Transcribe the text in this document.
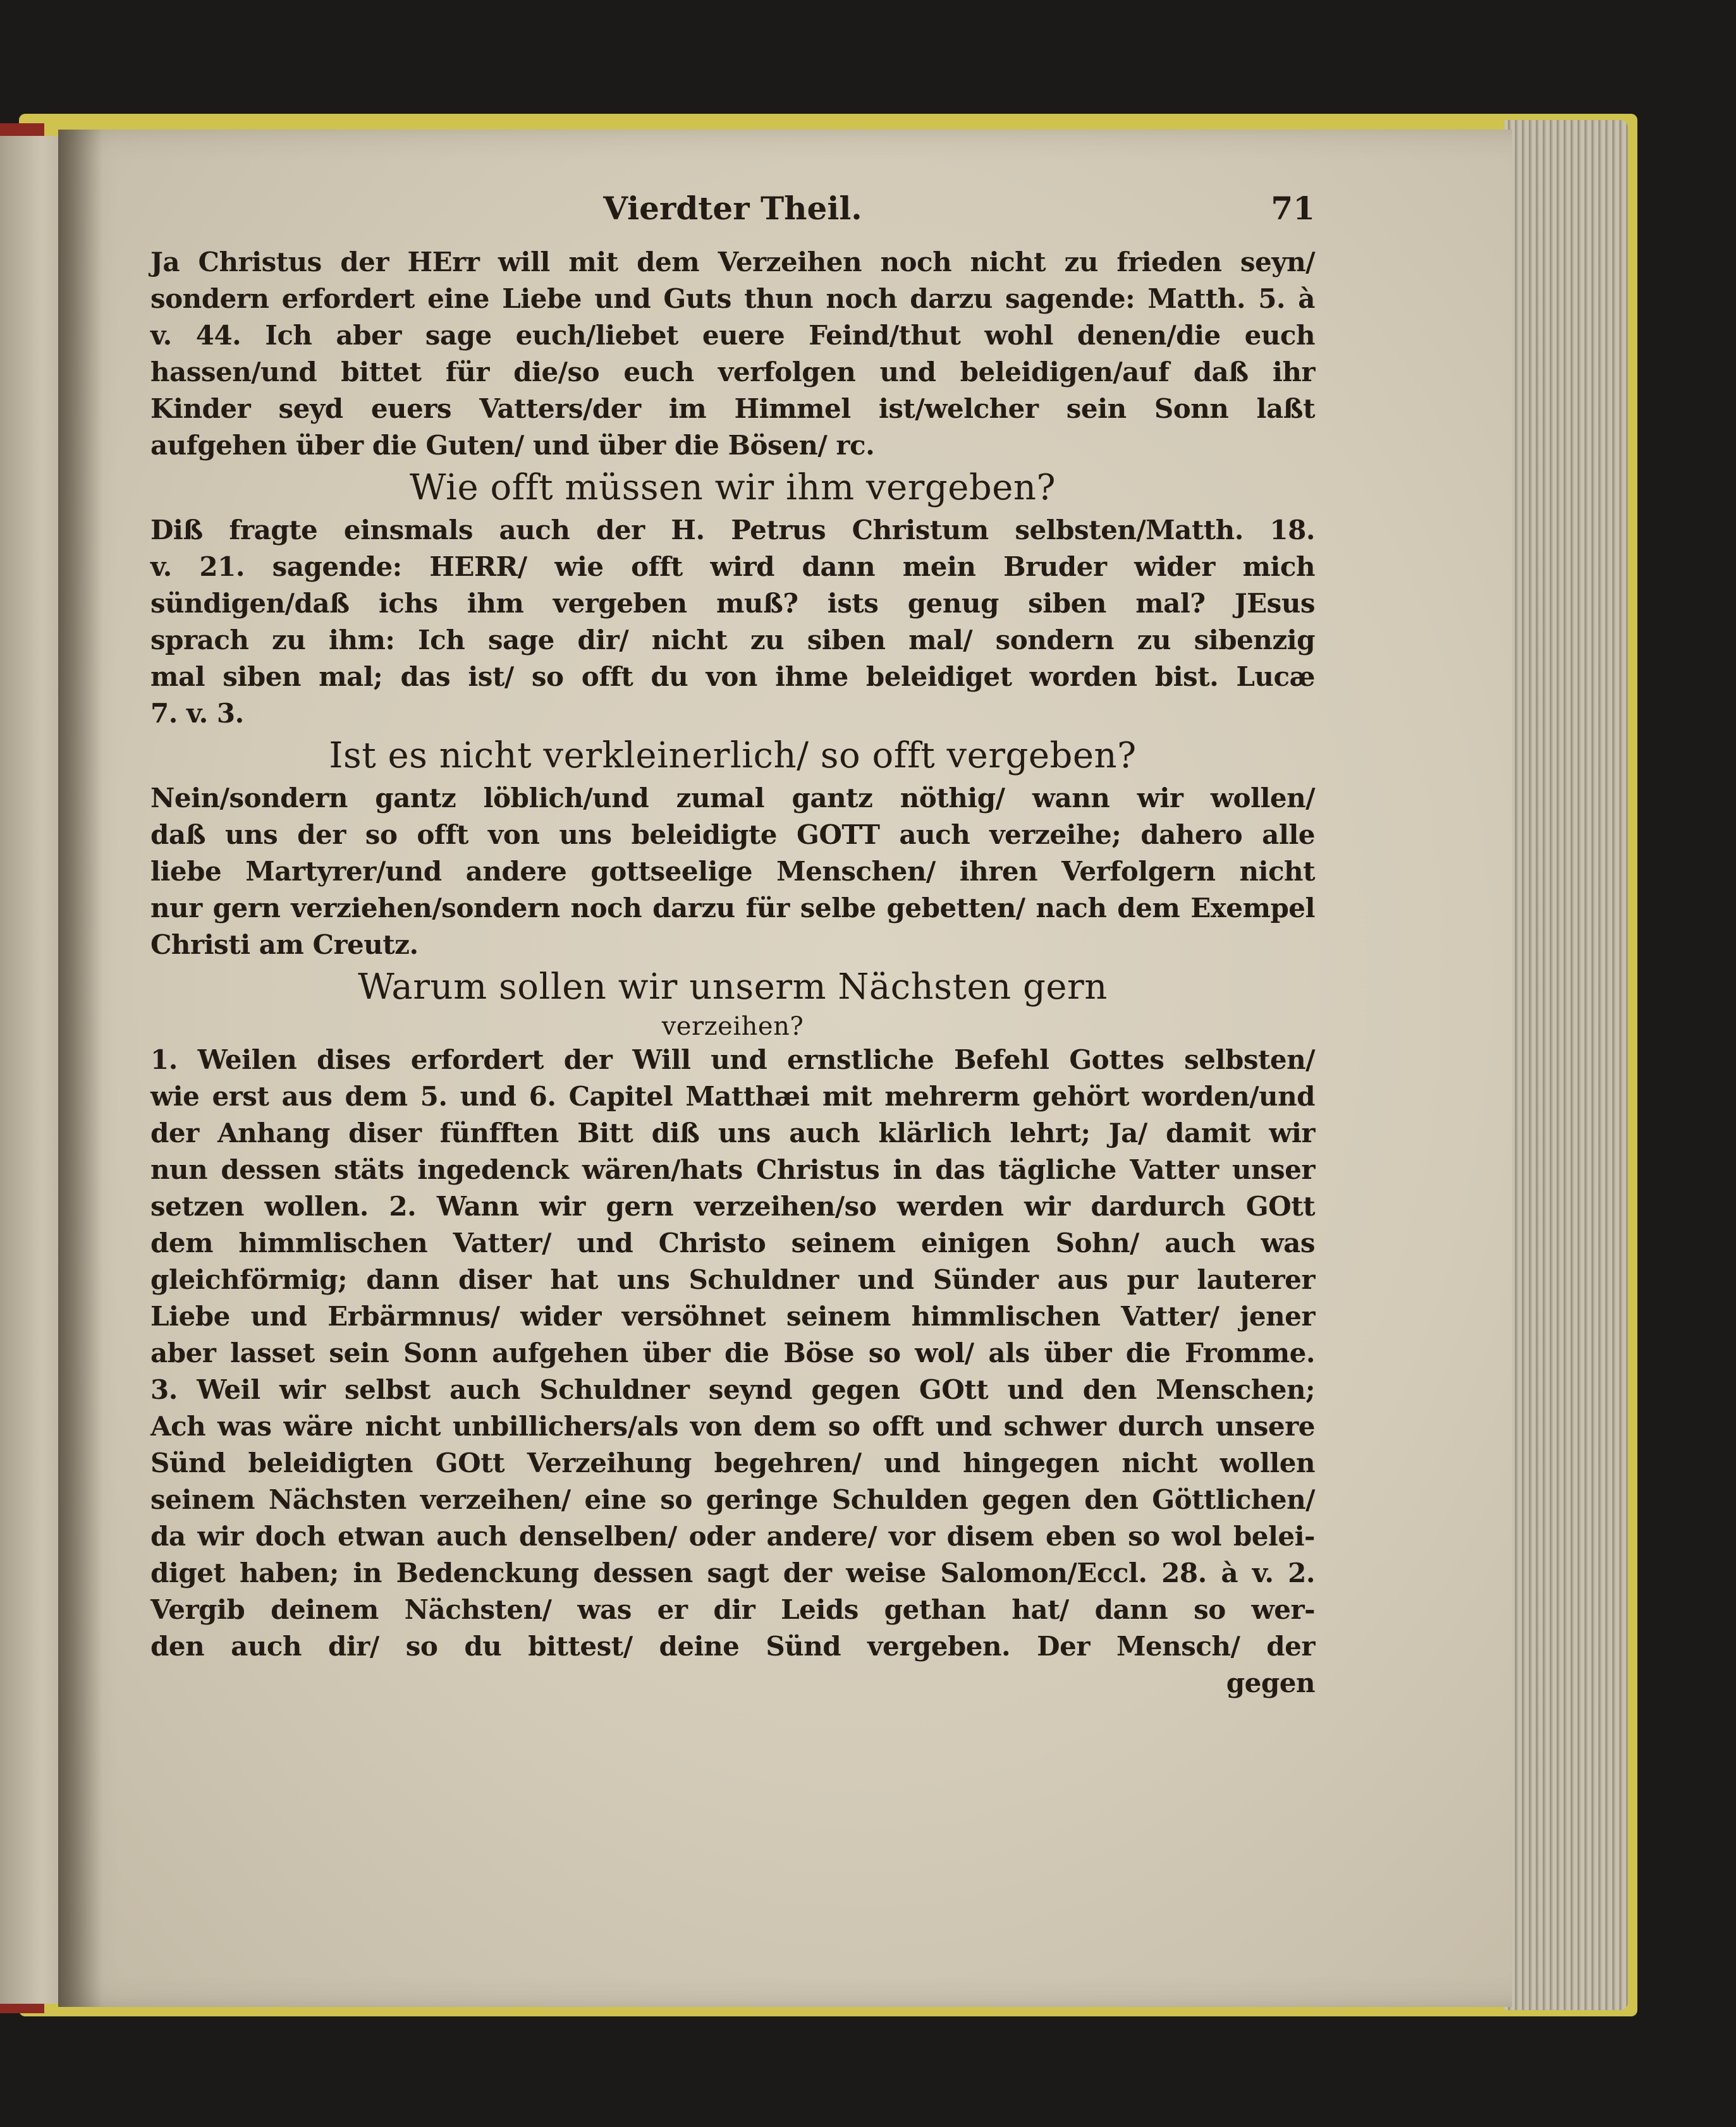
Vierdter Theil.	71
Ja Christus der HErr will mit dem Verzeihen noch nicht zu frieden seyn/
sondern erfordert eine Liebe und Guts thun noch darzu sagende: Matth. 5. à
v. 44. Ich aber sage euch/liebet euere Feind/thut wohl denen/die euch
hassen/und bittet für die/so euch verfolgen und beleidigen/auf daß ihr
Kinder seyd euers Vatters/der im Himmel ist/welcher sein Sonn laßt
aufgehen über die Guten/ und über die Bösen/ rc.
Wie offt müssen wir ihm vergeben?
Diß fragte einsmals auch der H. Petrus Christum selbsten/Matth. 18.
v. 21. sagende: HERR/ wie offt wird dann mein Bruder wider mich
sündigen/daß ichs ihm vergeben muß? ists genug siben mal? JEsus
sprach zu ihm: Ich sage dir/ nicht zu siben mal/ sondern zu sibenzig
mal siben mal; das ist/ so offt du von ihme beleidiget worden bist. Lucæ
7. v. 3.
Ist es nicht verkleinerlich/ so offt vergeben?
Nein/sondern gantz löblich/und zumal gantz nöthig/ wann wir wollen/
daß uns der so offt von uns beleidigte GOTT auch verzeihe; dahero alle
liebe Martyrer/und andere gottseelige Menschen/ ihren Verfolgern nicht
nur gern verziehen/sondern noch darzu für selbe gebetten/ nach dem Exempel
Christi am Creutz.
Warum sollen wir unserm Nächsten gern
verzeihen?
1. Weilen dises erfordert der Will und ernstliche Befehl Gottes selbsten/
wie erst aus dem 5. und 6. Capitel Matthæi mit mehrerm gehört worden/und
der Anhang diser fünfften Bitt diß uns auch klärlich lehrt; Ja/ damit wir
nun dessen stäts ingedenck wären/hats Christus in das tägliche Vatter unser
setzen wollen. 2. Wann wir gern verzeihen/so werden wir dardurch GOtt
dem himmlischen Vatter/ und Christo seinem einigen Sohn/ auch was
gleichförmig; dann diser hat uns Schuldner und Sünder aus pur lauterer
Liebe und Erbärmnus/ wider versöhnet seinem himmlischen Vatter/ jener
aber lasset sein Sonn aufgehen über die Böse so wol/ als über die Fromme.
3. Weil wir selbst auch Schuldner seynd gegen GOtt und den Menschen;
Ach was wäre nicht unbillichers/als von dem so offt und schwer durch unsere
Sünd beleidigten GOtt Verzeihung begehren/ und hingegen nicht wollen
seinem Nächsten verzeihen/ eine so geringe Schulden gegen den Göttlichen/
da wir doch etwan auch denselben/ oder andere/ vor disem eben so wol belei-
diget haben; in Bedenckung dessen sagt der weise Salomon/Eccl. 28. à v. 2.
Vergib deinem Nächsten/ was er dir Leids gethan hat/ dann so wer-
den auch dir/ so du bittest/ deine Sünd vergeben. Der Mensch/ der
gegen
